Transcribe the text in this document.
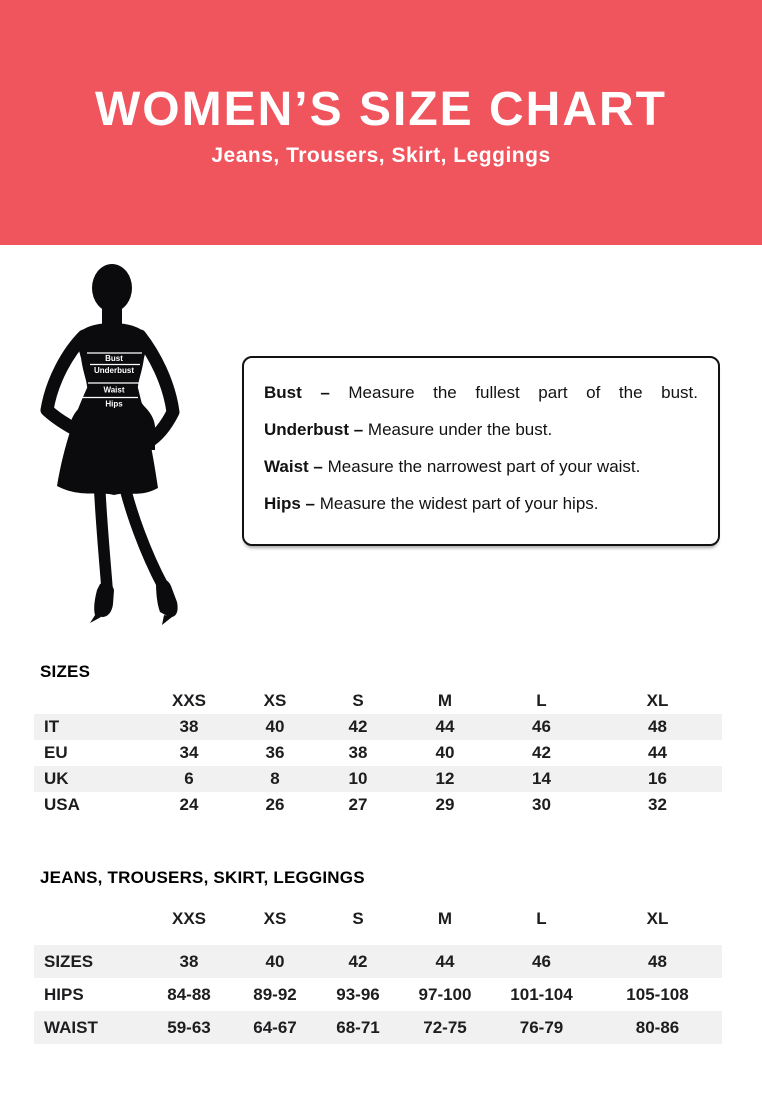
WOMEN’S SIZE CHART
Jeans, Trousers, Skirt, Leggings
Bust
Underbust
Waist
Hips

Bust – Measure the fullest part of the bust.

Underbust – Measure under the bust.

Waist – Measure the narrowest part of your waist.

Hips – Measure the widest part of your hips.

SIZES
	XXS	XS	S	M	L	XL
IT	38	40	42	44	46	48
EU	34	36	38	40	42	44
UK	6	8	10	12	14	16
USA	24	26	27	29	30	32
JEANS, TROUSERS, SKIRT, LEGGINGS
	XXS	XS	S	M	L	XL
SIZES	38	40	42	44	46	48
HIPS	84-88	89-92	93-96	97-100	101-104	105-108
WAIST	59-63	64-67	68-71	72-75	76-79	80-86
